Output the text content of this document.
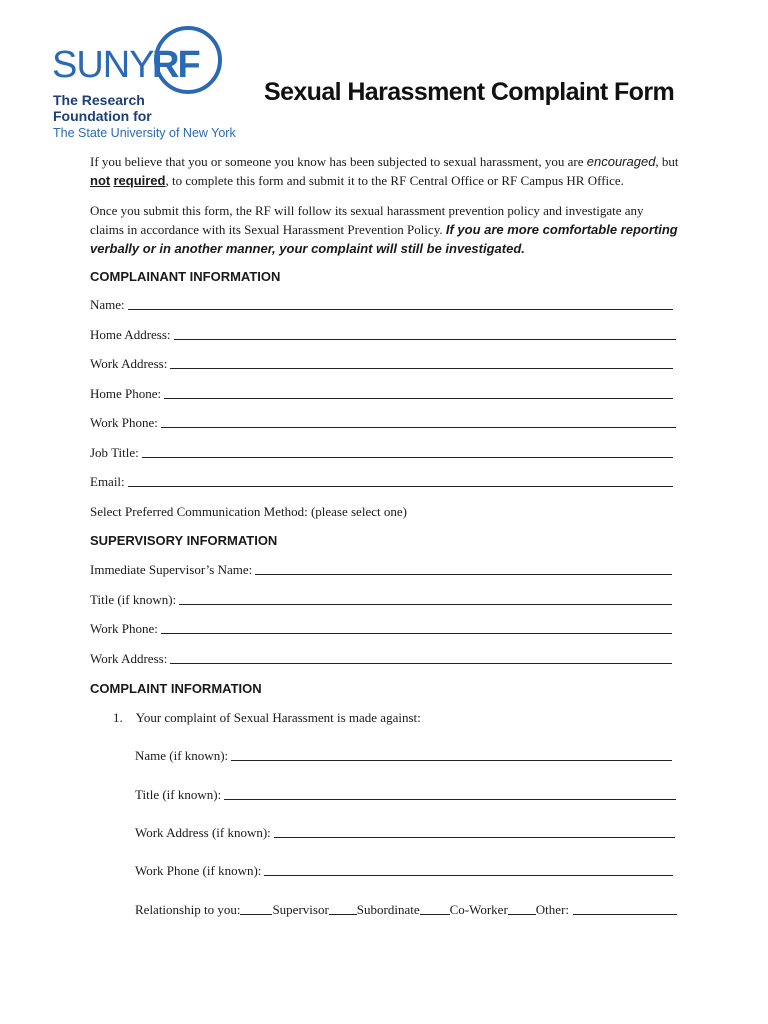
SUNY
RF
The Research
Foundation for
The State University of New York
Sexual Harassment Complaint Form
If you believe that you or someone you know has been subjected to sexual harassment, you are encouraged, but not required, to complete this form and submit it to the RF Central Office or RF Campus HR Office.
Once you submit this form, the RF will follow its sexual harassment prevention policy and investigate any claims in accordance with its Sexual Harassment Prevention Policy. If you are more comfortable reporting verbally or in another manner, your complaint will still be investigated.
COMPLAINANT INFORMATION
Name:
Home Address:
Work Address:
Home Phone:
Work Phone:
Job Title:
Email:
Select Preferred Communication Method: (please select one)
SUPERVISORY INFORMATION
Immediate Supervisor’s Name:
Title (if known):
Work Phone:
Work Address:
COMPLAINT INFORMATION
1. Your complaint of Sexual Harassment is made against:
Name (if known):
Title (if known):
Work Address (if known):
Work Phone (if known):
Relationship to you: Supervisor Subordinate Co-Worker Other:
